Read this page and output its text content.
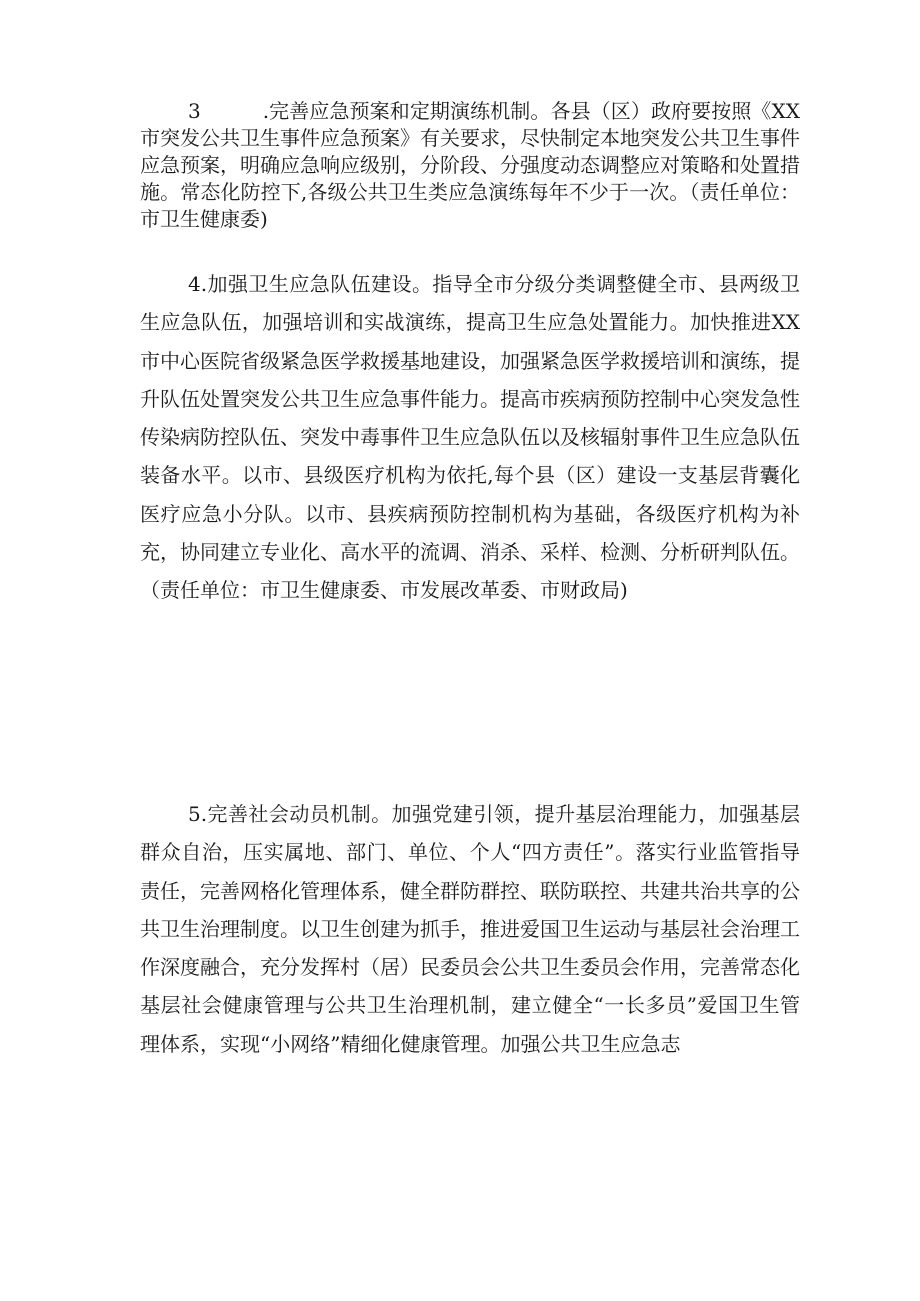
3	.完善应急预案和定期演练机制。各县（区）政府要按照《XX市突发公共卫生事件应急预案》有关要求，尽快制定本地突发公共卫生事件应急预案，明确应急响应级别，分阶段、分强度动态调整应对策略和处置措施。常态化防控下,各级公共卫生类应急演练每年不少于一次。（责任单位：市卫生健康委)

4.加强卫生应急队伍建设。指导全市分级分类调整健全市、县两级卫生应急队伍，加强培训和实战演练，提高卫生应急处置能力。加快推进XX市中心医院省级紧急医学救援基地建设，加强紧急医学救援培训和演练，提升队伍处置突发公共卫生应急事件能力。提高市疾病预防控制中心突发急性传染病防控队伍、突发中毒事件卫生应急队伍以及核辐射事件卫生应急队伍装备水平。以市、县级医疗机构为依托,每个县（区）建设一支基层背囊化医疗应急小分队。以市、县疾病预防控制机构为基础，各级医疗机构为补充，协同建立专业化、高水平的流调、消杀、采样、检测、分析研判队伍。（责任单位：市卫生健康委、市发展改革委、市财政局)

5.完善社会动员机制。加强党建引领，提升基层治理能力，加强基层群众自治，压实属地、部门、单位、个人“四方责任”。落实行业监管指导责任，完善网格化管理体系，健全群防群控、联防联控、共建共治共享的公共卫生治理制度。以卫生创建为抓手，推进爱国卫生运动与基层社会治理工作深度融合，充分发挥村（居）民委员会公共卫生委员会作用，完善常态化基层社会健康管理与公共卫生治理机制，建立健全“一长多员”爱国卫生管理体系，实现“小网络”精细化健康管理。加强公共卫生应急志
